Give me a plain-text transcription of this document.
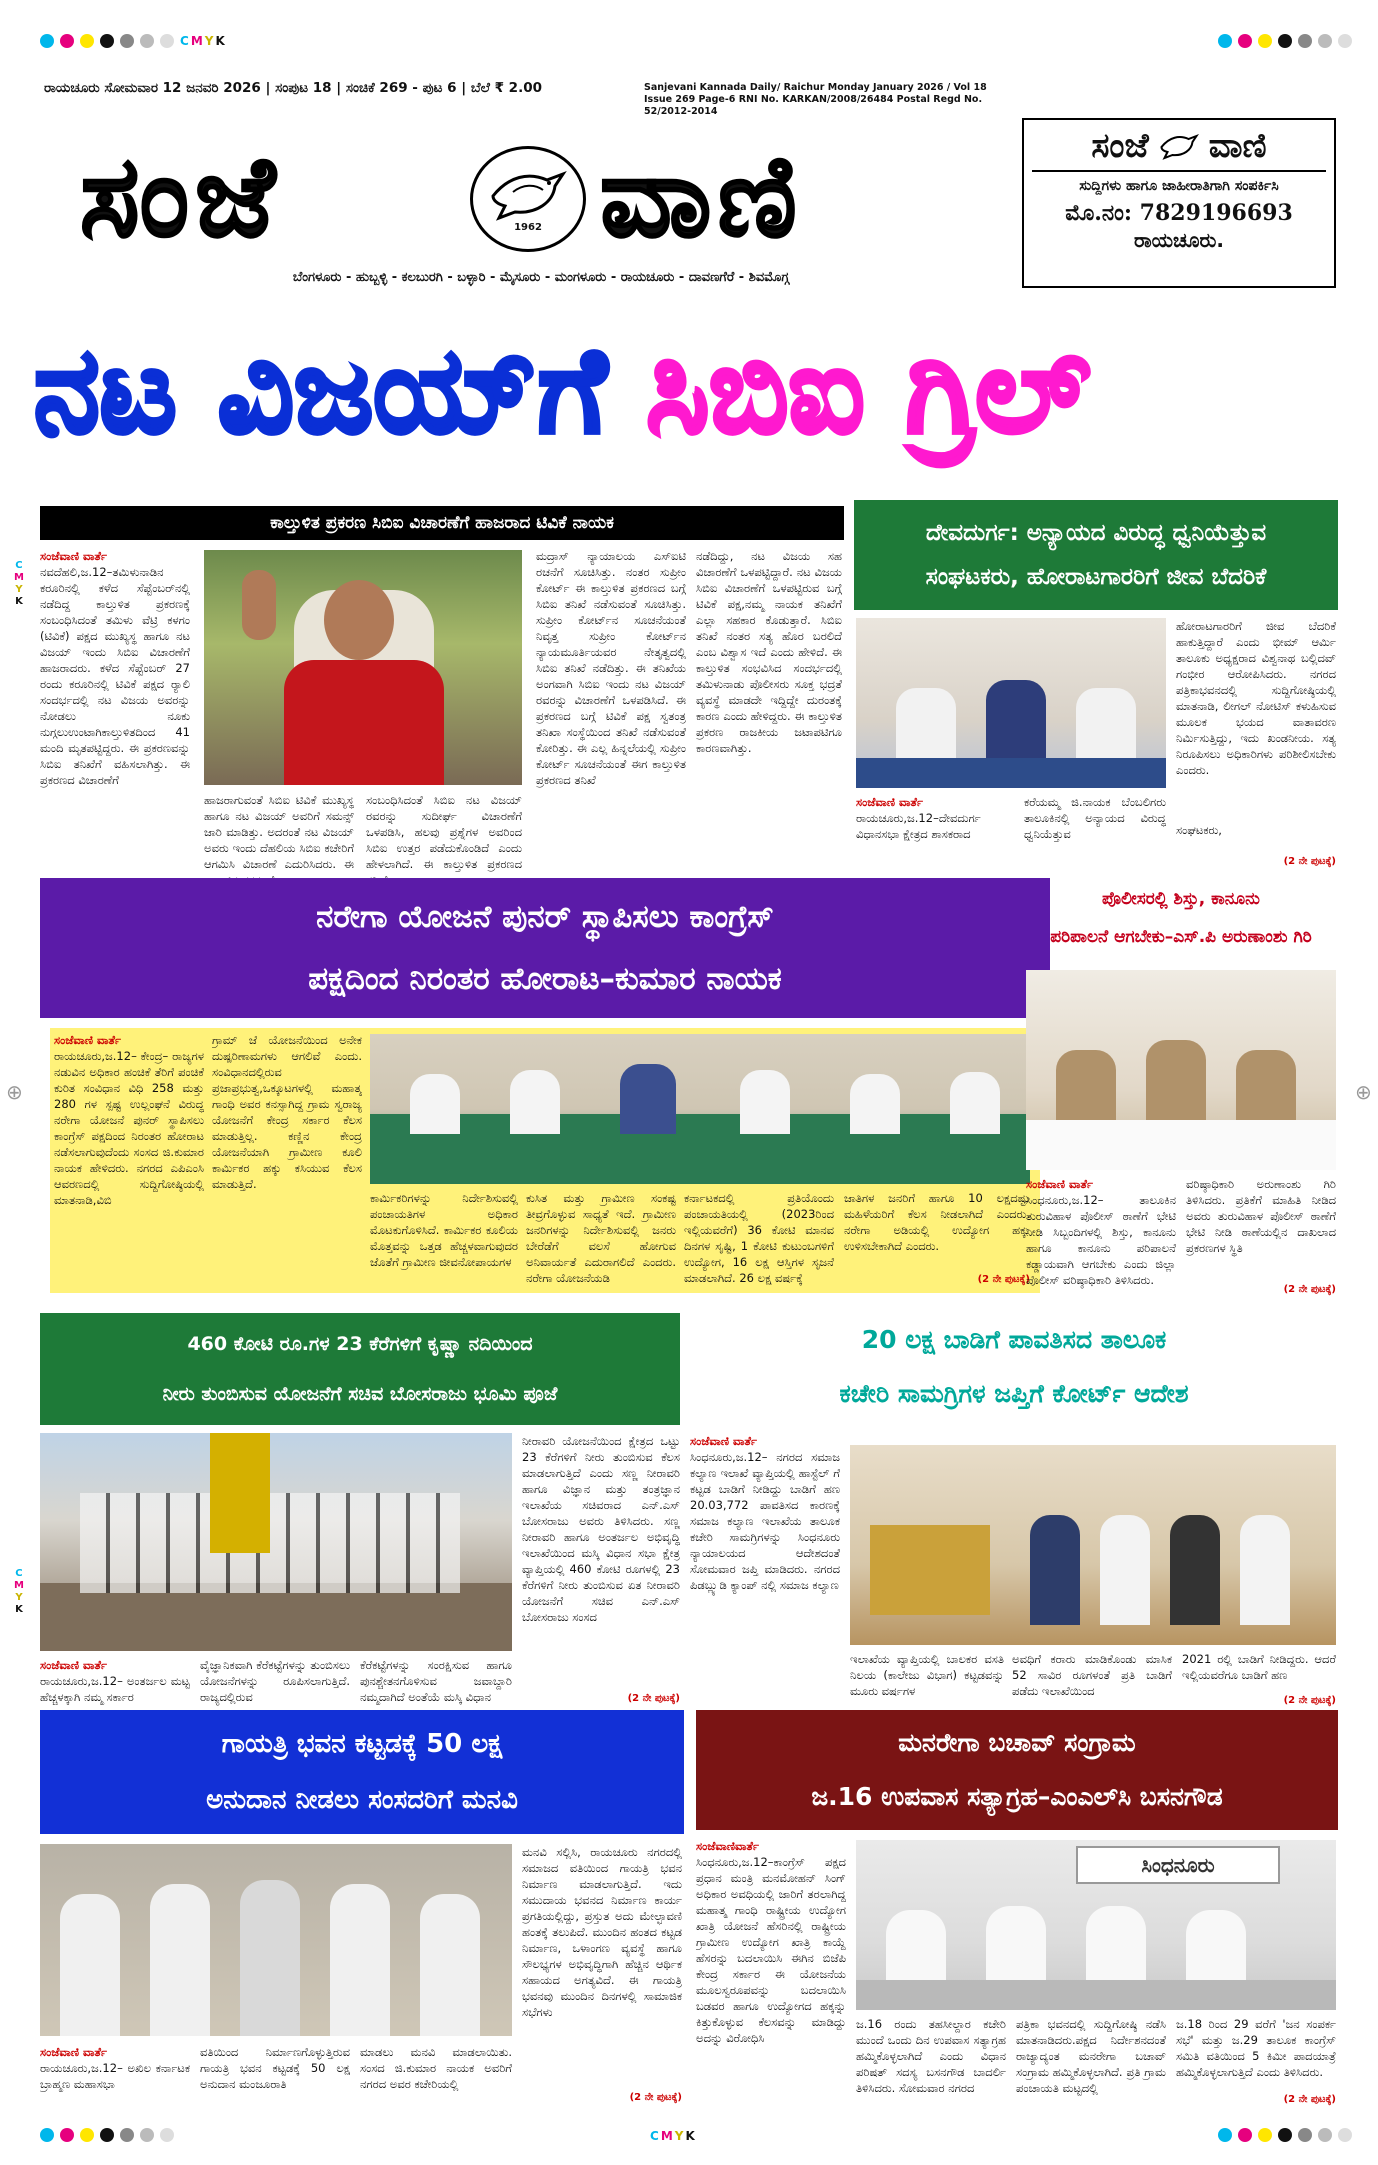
CMYK
CMYK
⊕	⊕
C
M
Y
K
C
M
Y
K
ರಾಯಚೂರು ಸೋಮವಾರ 12 ಜನವರಿ 2026 | ಸಂಪುಟ 18 | ಸಂಚಿಕೆ 269 - ಪುಟ 6 | ಬೆಲೆ ₹ 2.00	Sanjevani Kannada Daily/ Raichur Monday January 2026 / Vol 18 Issue 269 Page-6 RNI No. KARKAN/2008/26484 Postal Regd No. 52/2012-2014
ಸಂಜೆ	1962 ವಾಣಿ
ಬೆಂಗಳೂರು - ಹುಬ್ಬಳ್ಳಿ - ಕಲಬುರಗಿ - ಬಳ್ಳಾರಿ - ಮೈಸೂರು - ಮಂಗಳೂರು - ರಾಯಚೂರು - ದಾವಣಗೆರೆ - ಶಿವಮೊಗ್ಗ
ಸಂಜೆ ವಾಣಿ
ಸುದ್ದಿಗಳು ಹಾಗೂ ಜಾಹೀರಾತಿಗಾಗಿ ಸಂಪರ್ಕಿಸಿ
ಮೊ.ನಂ: 7829196693
ರಾಯಚೂರು.
ನಟ ವಿಜಯ್‌ಗೆ ಸಿಬಿಐ ಗ್ರಿಲ್
ಕಾಲ್ತುಳಿತ ಪ್ರಕರಣ ಸಿಬಿಐ ವಿಚಾರಣೆಗೆ ಹಾಜರಾದ ಟಿವಿಕೆ ನಾಯಕ
ಸಂಜೆವಾಣಿ ವಾರ್ತೆ
ನವದೆಹಲಿ,ಜ.12–ತಮಿಳುನಾಡಿನ ಕರೂರಿನಲ್ಲಿ ಕಳೆದ ಸೆಪ್ಟೆಂಬರ್‌ನಲ್ಲಿ ನಡೆದಿದ್ದ ಕಾಲ್ತುಳಿತ ಪ್ರಕರಣಕ್ಕೆ ಸಂಬಂಧಿಸಿದಂತೆ ತಮಿಳು ವೆಟ್ರಿ ಕಳಗಂ (ಟಿವಿಕೆ) ಪಕ್ಷದ ಮುಖ್ಯಸ್ಥ ಹಾಗೂ ನಟ ವಿಜಯ್ ಇಂದು ಸಿಬಿಐ ವಿಚಾರಣೆಗೆ ಹಾಜರಾದರು. ಕಳೆದ ಸೆಪ್ಟೆಂಬರ್ 27 ರಂದು ಕರೂರಿನಲ್ಲಿ ಟಿವಿಕೆ ಪಕ್ಷದ ರ್‍ಯಾಲಿ ಸಂದರ್ಭದಲ್ಲಿ ನಟ ವಿಜಯ ಅವರನ್ನು ನೋಡಲು ನೂಕು ನುಗ್ಗಲುಉಂಟಾಗಿಕಾಲ್ತುಳಿತದಿಂದ 41 ಮಂದಿ ಮೃತಪಟ್ಟಿದ್ದರು. ಈ ಪ್ರಕರಣವನ್ನು ಸಿಬಿಐ ತನಿಖೆಗೆ ವಹಿಸಲಾಗಿತ್ತು. ಈ ಪ್ರಕರಣದ ವಿಚಾರಣೆಗೆ
ಹಾಜರಾಗುವಂತೆ ಸಿಬಿಐ ಟಿವಿಕೆ ಮುಖ್ಯಸ್ಥ ಹಾಗೂ ನಟ ವಿಜಯ್ ಅವರಿಗೆ ಸಮನ್ಸ್ ಜಾರಿ ಮಾಡಿತ್ತು. ಅದರಂತೆ ನಟ ವಿಜಯ್ ಅವರು ಇಂದು ದೆಹಲಿಯ ಸಿಬಿಐ ಕಚೇರಿಗೆ ಆಗಮಿಸಿ ವಿಚಾರಣೆ ಎದುರಿಸಿದರು. ಈ
ಸಂಬಂಧಿಸಿದಂತೆ ಸಿಬಿಐ ನಟ ವಿಜಯ್ ರವರನ್ನು ಸುದೀರ್ಘ ವಿಚಾರಣೆಗೆ ಒಳಪಡಿಸಿ, ಹಲವು ಪ್ರಶ್ನೆಗಳ ಅವರಿಂದ ಸಿಬಿಐ ಉತ್ತರ ಪಡೆದುಕೊಂಡಿದೆ ಎಂದು ಹೇಳಲಾಗಿದೆ. ಈ ಕಾಲ್ತುಳಿತ ಪ್ರಕರಣದ
ಮದ್ರಾಸ್ ನ್ಯಾಯಾಲಯ ಎಸ್‌ಐಟಿ ರಚನೆಗೆ ಸೂಚಿಸಿತ್ತು. ನಂತರ ಸುಪ್ರೀಂ ಕೋರ್ಟ್ ಈ ಕಾಲ್ತುಳಿತ ಪ್ರಕರಣದ ಬಗ್ಗೆ ಸಿಬಿಐ ತನಿಖೆ ನಡೆಸುವಂತೆ ಸೂಚಿಸಿತ್ತು. ಸುಪ್ರೀಂ ಕೋರ್ಟ್‌ನ ಸೂಚನೆಯಂತೆ ನಿವೃತ್ತ ಸುಪ್ರೀಂ ಕೋರ್ಟ್‌ನ ನ್ಯಾಯಮೂರ್ತಿಯವರ ನೇತೃತ್ವದಲ್ಲಿ ಸಿಬಿಐ ತನಿಖೆ ನಡೆದಿತ್ತು. ಈ ತನಿಖೆಯ ಅಂಗವಾಗಿ ಸಿಬಿಐ ಇಂದು ನಟ ವಿಜಯ್ ರವರನ್ನು ವಿಚಾರಣೆಗೆ ಒಳಪಡಿಸಿದೆ. ಈ ಪ್ರಕರಣದ ಬಗ್ಗೆ ಟಿವಿಕೆ ಪಕ್ಷ ಸ್ವತಂತ್ರ ತನಿಖಾ ಸಂಸ್ಥೆಯಿಂದ ತನಿಖೆ ನಡೆಸುವಂತೆ ಕೋರಿತ್ತು. ಈ ಎಲ್ಲ ಹಿನ್ನಲೆಯಲ್ಲಿ ಸುಪ್ರೀಂ ಕೋರ್ಟ್ ಸೂಚನೆಯಂತೆ ಈಗ ಕಾಲ್ತುಳಿತ ಪ್ರಕರಣದ ತನಿಖೆ
ನಡೆದಿದ್ದು, ನಟ ವಿಜಯ ಸಹ ವಿಚಾರಣೆಗೆ ಒಳಪಟ್ಟಿದ್ದಾರೆ. ನಟ ವಿಜಯ ಸಿಬಿಐ ವಿಚಾರಣೆಗೆ ಒಳಪಟ್ಟಿರುವ ಬಗ್ಗೆ ಟಿವಿಕೆ ಪಕ್ಷ,ನಮ್ಮ ನಾಯಕ ತನಿಖೆಗೆ ಎಲ್ಲಾ ಸಹಕಾರ ಕೊಡುತ್ತಾರೆ. ಸಿಬಿಐ ತನಿಖೆ ನಂತರ ಸತ್ಯ ಹೊರ ಬರಲಿದೆ ಎಂಬ ವಿಶ್ವಾಸ ಇದೆ ಎಂದು ಹೇಳಿದೆ. ಈ ಕಾಲ್ತುಳಿತ ಸಂಭವಿಸಿದ ಸಂದರ್ಭದಲ್ಲಿ ತಮಿಳುನಾಡು ಪೊಲೀಸರು ಸೂಕ್ತ ಭದ್ರತೆ ವ್ಯವಸ್ಥೆ ಮಾಡದೇ ಇದ್ದಿದ್ದೇ ದುರಂತಕ್ಕೆ ಕಾರಣ ಎಂದು ಹೇಳಿದ್ದರು. ಈ ಕಾಲ್ತುಳಿತ ಪ್ರಕರಣ ರಾಜಕೀಯ ಜಟಾಪಟಿಗೂ ಕಾರಣವಾಗಿತ್ತು.
ದೇವದುರ್ಗ: ಅನ್ಯಾಯದ ವಿರುದ್ಧ ಧ್ವನಿಯೆತ್ತುವ
ಸಂಘಟಕರು, ಹೋರಾಟಗಾರರಿಗೆ ಜೀವ ಬೆದರಿಕೆ
ಹೋರಾಟಗಾರರಿಗೆ ಜೀವ ಬೆದರಿಕೆ ಹಾಕುತ್ತಿದ್ದಾರೆ ಎಂದು ಭೀಮ್ ಆರ್ಮಿ ತಾಲೂಕು ಅಧ್ಯಕ್ಷರಾದ ವಿಶ್ವನಾಥ ಬಲ್ಲಿದವ್ ಗಂಭೀರ ಆರೋಪಿಸಿದರು. ನಗರದ ಪತ್ರಿಕಾಭವನದಲ್ಲಿ ಸುದ್ದಿಗೋಷ್ಠಿಯಲ್ಲಿ ಮಾತನಾಡಿ, ಲೀಗಲ್ ನೋಟಿಸ್ ಕಳುಹಿಸುವ ಮೂಲಕ ಭಯದ ವಾತಾವರಣ ನಿರ್ಮಿಸುತ್ತಿದ್ದು, ಇದು ಖಂಡನೀಯ. ಸತ್ಯ ನಿರೂಪಿಸಲು ಅಧಿಕಾರಿಗಳು ಪರಿಶೀಲಿಸಬೇಕು ಎಂದರು.
ಸಂಜೆವಾಣಿ ವಾರ್ತೆ
ರಾಯಚೂರು,ಜ.12–ದೇವದುರ್ಗ ವಿಧಾನಸಭಾ ಕ್ಷೇತ್ರದ ಶಾಸಕರಾದ
ಕರೆಯಮ್ಮ ಜಿ.ನಾಯಕ ಬೆಂಬಲಿಗರು ತಾಲೂಕಿನಲ್ಲಿ ಅನ್ಯಾಯದ ವಿರುದ್ಧ ಧ್ವನಿಯೆತ್ತುವ	ಸಂಘಟಕರು,
(2 ನೇ ಪುಟಕ್ಕೆ)
ನರೇಗಾ ಯೋಜನೆ ಪುನರ್ ಸ್ಥಾಪಿಸಲು ಕಾಂಗ್ರೆಸ್
ಪಕ್ಷದಿಂದ ನಿರಂತರ ಹೋರಾಟ–ಕುಮಾರ ನಾಯಕ
ಸಂಜೆವಾಣಿ ವಾರ್ತೆ
ರಾಯಚೂರು,ಜ.12– ಕೇಂದ್ರ– ರಾಜ್ಯಗಳ ನಡುವಿನ ಅಧಿಕಾರ ಹಂಚಿಕೆ ತೆರಿಗೆ ಪಂಚಿಕೆ ಕುರಿತ ಸಂವಿಧಾನ ವಿಧಿ 258 ಮತ್ತು 280 ಗಳ ಸ್ಪಷ್ಟ ಉಲ್ಲಂಘನೆ ವಿರುದ್ಧ ನರೇಗಾ ಯೋಜನೆ ಪುನರ್ ಸ್ಥಾಪಿಸಲು ಕಾಂಗ್ರೆಸ್ ಪಕ್ಷದಿಂದ ನಿರಂತರ ಹೋರಾಟ ನಡೆಸಲಾಗುವುದೆಂದು ಸಂಸದ ಜಿ.ಕುಮಾರ ನಾಯಕ ಹೇಳಿದರು. ನಗರದ ಎಪಿಎಂಸಿ ಆವರಣದಲ್ಲಿ ಸುದ್ದಿಗೋಷ್ಠಿಯಲ್ಲಿ ಮಾತನಾಡಿ,ವಿಬಿ
ಗ್ರಾಮ್ ಜೆ ಯೋಜನೆಯಿಂದ ಅನೇಕ ದುಷ್ಪರಿಣಾಮಗಳು ಆಗಲಿವೆ ಎಂದು. ಸಂವಿಧಾನದಲ್ಲಿರುವ ಪ್ರಜಾಪ್ರಭುತ್ವ,ಒಕ್ಕೂಟಗಳಲ್ಲಿ ಮಹಾತ್ಮ ಗಾಂಧಿ ಅವರ ಕನಸ್ಸಾಗಿದ್ದ ಗ್ರಾಮ ಸ್ವರಾಜ್ಯ ಯೋಜನೆಗೆ ಕೇಂದ್ರ ಸರ್ಕಾರ ಕೆಲಸ ಮಾಡುತ್ತಿಲ್ಲ. ಕಣ್ಣಿನ ಕೇಂದ್ರ ಯೋಜನೆಯಾಗಿ ಗ್ರಾಮೀಣ ಕೂಲಿ ಕಾರ್ಮಿಕರ ಹಕ್ಕು ಕಸಿಯುವ ಕೆಲಸ ಮಾಡುತ್ತಿದೆ.
ಕಾರ್ಮಿಕರಿಗಳನ್ನು ನಿರ್ದೇಶಿಸುವಲ್ಲಿ ಪಂಚಾಯತಿಗಳ ಅಧಿಕಾರ ಮೊಟಕುಗೊಳಿಸಿದೆ. ಕಾರ್ಮಿಕರ ಕೂಲಿಯ ಮೊತ್ತವನ್ನು ಒತ್ತಡ ಹೆಚ್ಚಳವಾಗುವುದರ ಜೊತೆಗೆ ಗ್ರಾಮೀಣ ಜೀವನೋಪಾಯಗಳ
ಕುಸಿತ ಮತ್ತು ಗ್ರಾಮೀಣ ಸಂಕಷ್ಟ ತೀವ್ರಗೊಳ್ಳುವ ಸಾಧ್ಯತೆ ಇದೆ. ಗ್ರಾಮೀಣ ಜನರಿಗಳನ್ನು ನಿರ್ದೇಶಿಸುವಲ್ಲಿ ಜನರು ಬೇರೆಡೆಗೆ ವಲಸೆ ಹೋಗುವ ಅನಿವಾರ್ಯತೆ ಎದುರಾಗಲಿದೆ ಎಂದರು. ನರೇಗಾ ಯೋಜನೆಯಡಿ
ಕರ್ನಾಟಕದಲ್ಲಿ ಪ್ರತಿಯೊಂದು ಪಂಚಾಯತಿಯಲ್ಲಿ (2023ರಿಂದ ಇಲ್ಲಿಯವರೆಗೆ) 36 ಕೋಟಿ ಮಾನವ ದಿನಗಳ ಸೃಷ್ಟಿ, 1 ಕೋಟಿ ಕುಟುಂಬಗಳಿಗೆ ಉದ್ಯೋಗ, 16 ಲಕ್ಷ ಆಸ್ತಿಗಳ ಸೃಜನೆ ಮಾಡಲಾಗಿದೆ. 26 ಲಕ್ಷ ವರ್ಷಕ್ಕೆ
ಜಾತಿಗಳ ಜನರಿಗೆ ಹಾಗೂ 10 ಲಕ್ಷದಷ್ಟು ಮಹಿಳೆಯರಿಗೆ ಕೆಲಸ ನೀಡಲಾಗಿದೆ ಎಂದರು. ನರೇಗಾ ಅಡಿಯಲ್ಲಿ ಉದ್ಯೋಗ ಹಕ್ಕು ಉಳಿಸಬೇಕಾಗಿದೆ ಎಂದರು.
(2 ನೇ ಪುಟಕ್ಕೆ)
ಪೊಲೀಸರಲ್ಲಿ ಶಿಸ್ತು, ಕಾನೂನು
ಪರಿಪಾಲನೆ ಆಗಬೇಕು–ಎಸ್.ಪಿ ಅರುಣಾಂಶು ಗಿರಿ
ಸಂಜೆವಾಣಿ ವಾರ್ತೆ
ಸಿಂಧನೂರು,ಜ.12– ತಾಲೂಕಿನ ತುರುವಿಹಾಳ ಪೊಲೀಸ್ ಠಾಣೆಗೆ ಭೇಟಿ ನೀಡಿ ಸಿಬ್ಬಂದಿಗಳಲ್ಲಿ ಶಿಸ್ತು, ಕಾನೂನು ಹಾಗೂ ಕಾನೂನು ಪರಿಪಾಲನೆ ಕಡ್ಡಾಯವಾಗಿ ಆಗಬೇಕು ಎಂದು ಜಿಲ್ಲಾ ಪೊಲೀಸ್ ವರಿಷ್ಠಾಧಿಕಾರಿ ತಿಳಿಸಿದರು.
ವರಿಷ್ಠಾಧಿಕಾರಿ ಅರುಣಾಂಶು ಗಿರಿ ತಿಳಿಸಿದರು. ಪ್ರತಿಕೆಗೆ ಮಾಹಿತಿ ನೀಡಿದ ಅವರು ತುರುವಿಹಾಳ ಪೊಲೀಸ್ ಠಾಣೆಗೆ ಭೇಟಿ ನೀಡಿ ಠಾಣೆಯಲ್ಲಿನ ದಾಖಲಾದ ಪ್ರಕರಣಗಳ ಸ್ಥಿತಿ
(2 ನೇ ಪುಟಕ್ಕೆ)
460 ಕೋಟಿ ರೂ.ಗಳ 23 ಕೆರೆಗಳಿಗೆ ಕೃಷ್ಣಾ ನದಿಯಿಂದ
ನೀರು ತುಂಬಿಸುವ ಯೋಜನೆಗೆ ಸಚಿವ ಬೋಸರಾಜು ಭೂಮಿ ಪೂಜೆ
ಸಂಜೆವಾಣಿ ವಾರ್ತೆ
ರಾಯಚೂರು,ಜ.12– ಅಂತರ್ಜಲ ಮಟ್ಟ ಹೆಚ್ಚಳಕ್ಕಾಗಿ ನಮ್ಮ ಸರ್ಕಾರ
ವೈಜ್ಞಾನಿಕವಾಗಿ ಕೆರೆಕಟ್ಟೆಗಳನ್ನು ತುಂಬಿಸಲು ಯೋಜನೆಗಳನ್ನು ರೂಪಿಸಲಾಗುತ್ತಿದೆ. ರಾಜ್ಯದಲ್ಲಿರುವ
ಕೆರೆಕಟ್ಟೆಗಳನ್ನು ಸಂರಕ್ಷಿಸುವ ಹಾಗೂ ಪುನಶ್ಚೇತನಗೊಳಿಸುವ ಜವಾಬ್ದಾರಿ ನಮ್ಮದಾಗಿದೆ ಅಂತೆಯೆ ಮಸ್ಕಿ ವಿಧಾನ
ನೀರಾವರಿ ಯೋಜನೆಯಿಂದ ಕ್ಷೇತ್ರದ ಒಟ್ಟು 23 ಕೆರೆಗಳಿಗೆ ನೀರು ತುಂಬಿಸುವ ಕೆಲಸ ಮಾಡಲಾಗುತ್ತಿದೆ ಎಂದು ಸಣ್ಣ ನೀರಾವರಿ ಹಾಗೂ ವಿಜ್ಞಾನ ಮತ್ತು ತಂತ್ರಜ್ಞಾನ ಇಲಾಖೆಯ ಸಚಿವರಾದ ಎನ್.ಎಸ್ ಬೋಸರಾಜು ಅವರು ತಿಳಿಸಿದರು. ಸಣ್ಣ ನೀರಾವರಿ ಹಾಗೂ ಅಂತರ್ಜಲ ಅಭಿವೃದ್ಧಿ ಇಲಾಖೆಯಿಂದ ಮಸ್ಕಿ ವಿಧಾನ ಸಭಾ ಕ್ಷೇತ್ರ ವ್ಯಾಪ್ತಿಯಲ್ಲಿ 460 ಕೋಟಿ ರೂಗಳಲ್ಲಿ 23 ಕೆರೆಗಳಿಗೆ ನೀರು ತುಂಬಿಸುವ ಏತ ನೀರಾವರಿ ಯೋಜನೆಗೆ ಸಚಿವ ಎನ್.ಎಸ್ ಬೋಸರಾಜು ಸಂಸದ
(2 ನೇ ಪುಟಕ್ಕೆ)
20 ಲಕ್ಷ ಬಾಡಿಗೆ ಪಾವತಿಸದ ತಾಲೂಕ
ಕಚೇರಿ ಸಾಮಗ್ರಿಗಳ ಜಪ್ತಿಗೆ ಕೋರ್ಟ್ ಆದೇಶ
ಸಂಜೆವಾಣಿ ವಾರ್ತೆ
ಸಿಂಧನೂರು,ಜ.12– ನಗರದ ಸಮಾಜ ಕಲ್ಯಾಣ ಇಲಾಖೆ ವ್ಯಾಪ್ತಿಯಲ್ಲಿ ಹಾಸ್ಟೆಲ್ ಗೆ ಕಟ್ಟಡ ಬಾಡಿಗೆ ನೀಡಿದ್ದು ಬಾಡಿಗೆ ಹಣ 20.03,772 ಪಾವತಿಸದ ಕಾರಣಕ್ಕೆ ಸಮಾಜ ಕಲ್ಯಾಣ ಇಲಾಖೆಯ ತಾಲೂಕ ಕಚೇರಿ ಸಾಮಗ್ರಿಗಳನ್ನು ಸಿಂಧನೂರು ನ್ಯಾಯಾಲಯದ ಆದೇಶದಂತೆ ಸೋಮವಾರ ಜಪ್ತಿ ಮಾಡಿದರು. ನಗರದ ಪಿಡಬ್ಲ್ಯುಡಿ ಕ್ಯಾಂಪ್ ನಲ್ಲಿ ಸಮಾಜ ಕಲ್ಯಾಣ
ಇಲಾಖೆಯ ವ್ಯಾಪ್ತಿಯಲ್ಲಿ ಬಾಲಕರ ವಸತಿ ನಿಲಯ (ಕಾಲೇಜು ವಿಭಾಗ) ಕಟ್ಟಡವನ್ನು ಮೂರು ವರ್ಷಗಳ
ಅವಧಿಗೆ ಕರಾರು ಮಾಡಿಕೊಂಡು ಮಾಸಿಕ 52 ಸಾವಿರ ರೂಗಳಂತೆ ಪ್ರತಿ ಬಾಡಿಗೆ ಪಡೆದು ಇಲಾಖೆಯಿಂದ
2021 ರಲ್ಲಿ ಬಾಡಿಗೆ ನೀಡಿದ್ದರು. ಆದರೆ ಇಲ್ಲಿಯವರೆಗೂ ಬಾಡಿಗೆ ಹಣ
(2 ನೇ ಪುಟಕ್ಕೆ)
ಗಾಯತ್ರಿ ಭವನ ಕಟ್ಟಡಕ್ಕೆ 50 ಲಕ್ಷ
ಅನುದಾನ ನೀಡಲು ಸಂಸದರಿಗೆ ಮನವಿ
ಸಂಜೆವಾಣಿ ವಾರ್ತೆ
ರಾಯಚೂರು,ಜ.12– ಅಖಿಲ ಕರ್ನಾಟಕ ಬ್ರಾಹ್ಮಣ ಮಹಾಸಭಾ
ವತಿಯಿಂದ ನಿರ್ಮಾಣಗೊಳ್ಳುತ್ತಿರುವ ಗಾಯತ್ರಿ ಭವನ ಕಟ್ಟಡಕ್ಕೆ 50 ಲಕ್ಷ ಅನುದಾನ ಮಂಜೂರಾತಿ
ಮಾಡಲು ಮನವಿ ಮಾಡಲಾಯಿತು. ಸಂಸದ ಜಿ.ಕುಮಾರ ನಾಯಕ ಅವರಿಗೆ ನಗರದ ಅವರ ಕಚೇರಿಯಲ್ಲಿ
ಮನವಿ ಸಲ್ಲಿಸಿ, ರಾಯಚೂರು ನಗರದಲ್ಲಿ ಸಮಾಜದ ವತಿಯಿಂದ ಗಾಯತ್ರಿ ಭವನ ನಿರ್ಮಾಣ ಮಾಡಲಾಗುತ್ತಿದೆ. ಇದು ಸಮುದಾಯ ಭವನದ ನಿರ್ಮಾಣ ಕಾರ್ಯ ಪ್ರಗತಿಯಲ್ಲಿದ್ದು, ಪ್ರಸ್ತುತ ಅದು ಮೇಲ್ಛಾವಣಿ ಹಂತಕ್ಕೆ ತಲುಪಿದೆ. ಮುಂದಿನ ಹಂತದ ಕಟ್ಟಡ ನಿರ್ಮಾಣ, ಒಳಾಂಗಣ ವ್ಯವಸ್ಥೆ ಹಾಗೂ ಸೌಲಭ್ಯಗಳ ಅಭಿವೃದ್ಧಿಗಾಗಿ ಹೆಚ್ಚಿನ ಆರ್ಥಿಕ ಸಹಾಯದ ಅಗತ್ಯವಿದೆ. ಈ ಗಾಯತ್ರಿ ಭವನವು ಮುಂದಿನ ದಿನಗಳಲ್ಲಿ ಸಾಮಾಜಿಕ ಸಭೆಗಳು
(2 ನೇ ಪುಟಕ್ಕೆ)
ಮನರೇಗಾ ಬಚಾವ್ ಸಂಗ್ರಾಮ
ಜ.16 ಉಪವಾಸ ಸತ್ಯಾಗ್ರಹ–ಎಂಎಲ್‌ಸಿ ಬಸನಗೌಡ
ಸಂಜೆವಾಣಿವಾರ್ತೆ
ಸಿಂಧನೂರು,ಜ.12–ಕಾಂಗ್ರೆಸ್ ಪಕ್ಷದ ಪ್ರಧಾನ ಮಂತ್ರಿ ಮನಮೋಹನ್ ಸಿಂಗ್ ಅಧಿಕಾರ ಅವಧಿಯಲ್ಲಿ ಜಾರಿಗೆ ತರಲಾಗಿದ್ದ ಮಹಾತ್ಮ ಗಾಂಧಿ ರಾಷ್ಟ್ರೀಯ ಉದ್ಯೋಗ ಖಾತ್ರಿ ಯೋಜನೆ ಹೆಸರಿನಲ್ಲಿ ರಾಷ್ಟ್ರೀಯ ಗ್ರಾಮೀಣ ಉದ್ಯೋಗ ಖಾತ್ರಿ ಕಾಯ್ದೆ ಹೆಸರನ್ನು ಬದಲಾಯಿಸಿ ಈಗಿನ ಬಿಜೆಪಿ ಕೇಂದ್ರ ಸರ್ಕಾರ ಈ ಯೋಜನೆಯ ಮೂಲಸ್ವರೂಪವನ್ನು ಬದಲಾಯಿಸಿ ಬಡವರ ಹಾಗೂ ಉದ್ಯೋಗದ ಹಕ್ಕನ್ನು ಕಿತ್ತುಕೊಳ್ಳುವ ಕೆಲಸವನ್ನು ಮಾಡಿದ್ದು ಅದನ್ನು ವಿರೋಧಿಸಿ
ಸಿಂಧನೂರು
ಜ.16 ರಂದು ತಹಸೀಲ್ದಾರ ಕಚೇರಿ ಮುಂದೆ ಒಂದು ದಿನ ಉಪವಾಸ ಸತ್ಯಾಗ್ರಹ ಹಮ್ಮಿಕೊಳ್ಳಲಾಗಿದೆ ಎಂದು ವಿಧಾನ ಪರಿಷತ್ ಸದಸ್ಯ ಬಸನಗೌಡ ಬಾದರ್ಲಿ ತಿಳಿಸಿದರು. ಸೋಮವಾರ ನಗರದ
ಪತ್ರಿಕಾ ಭವನದಲ್ಲಿ ಸುದ್ದಿಗೋಷ್ಠಿ ನಡೆಸಿ ಮಾತನಾಡಿದರು.ಪಕ್ಷದ ನಿರ್ದೇಶನದಂತೆ ರಾಜ್ಯಾದ್ಯಂತ ಮನರೇಗಾ ಬಚಾವ್ ಸಂಗ್ರಾಮ ಹಮ್ಮಿಕೊಳ್ಳಲಾಗಿದೆ. ಪ್ರತಿ ಗ್ರಾಮ ಪಂಚಾಯತಿ ಮಟ್ಟದಲ್ಲಿ
ಜ.18 ರಿಂದ 29 ವರೆಗೆ 'ಜನ ಸಂಪರ್ಕ ಸಭೆ' ಮತ್ತು ಜ.29 ತಾಲೂಕ ಕಾಂಗ್ರೆಸ್ ಸಮಿತಿ ವತಿಯಿಂದ 5 ಕಿಮೀ ಪಾದಯಾತ್ರೆ ಹಮ್ಮಿಕೊಳ್ಳಲಾಗುತ್ತಿದೆ ಎಂದು ತಿಳಿಸಿದರು.
(2 ನೇ ಪುಟಕ್ಕೆ)
